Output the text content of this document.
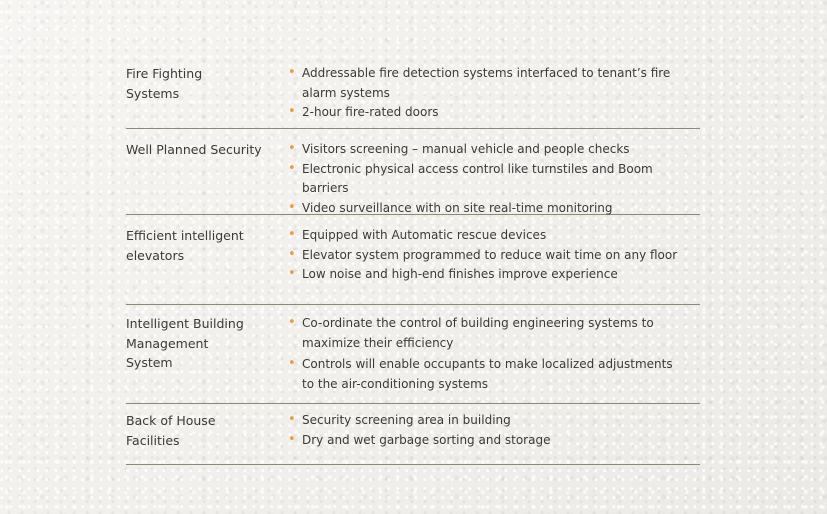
Fire Fighting
Systems
• Addressable fire detection systems interfaced to tenant’s fire
alarm systems
• 2-hour fire-rated doors
Well Planned Security	• Visitors screening – manual vehicle and people checks
• Electronic physical access control like turnstiles and Boom barriers
• Video surveillance with on site real-time monitoring
Efficient intelligent
elevators
• Equipped with Automatic rescue devices
• Elevator system programmed to reduce wait time on any floor
• Low noise and high-end finishes improve experience
Intelligent Building
Management
System
• Co-ordinate the control of building engineering systems to
maximize their efficiency
• Controls will enable occupants to make localized adjustments
to the air-conditioning systems
Back of House
Facilities
• Security screening area in building
• Dry and wet garbage sorting and storage
